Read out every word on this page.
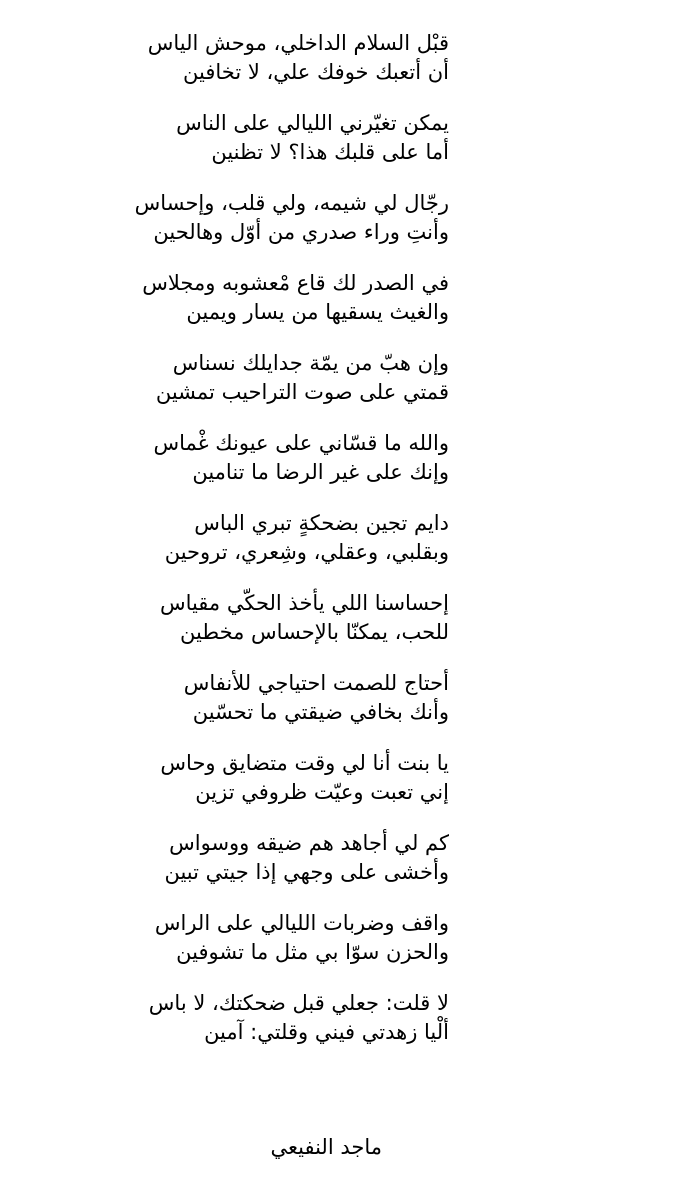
قبْل السلام الداخلي، موحش الياس
أن أتعبك خوفك علي، لا تخافين
يمكن تغيّرني الليالي على الناس
أما على قلبك هذا؟ لا تظنين
رجّال لي شيمه، ولي قلب، وإحساس
وأنتِ وراء صدري من أوّل وهالحين
في الصدر لك قاع مْعشوبه ومجلاس
والغيث يسقيها من يسار ويمين
وإن هبّ من يمّة جدايلك نسناس
قمتي على صوت التراحيب تمشين
والله ما قسّاني على عيونك غْماس
وإنك على غير الرضا ما تنامين
دايم تجين بضحكةٍ تبري الباس
وبقلبي، وعقلي، وشِعري، تروحين
إحساسنا اللي يأخذ الحكّي مقياس
للحب، يمكنّا بالإحساس مخطين
أحتاج للصمت احتياجي للأنفاس
وأنك بخافي ضيقتي ما تحسّين
يا بنت أنا لي وقت متضايق وحاس
إني تعبت وعيّت ظروفي تزين
كم لي أجاهد هم ضيقه ووسواس
وأخشى على وجهي إذا جيتي تبين
واقف وضربات الليالي على الراس
والحزن سوّا بي مثل ما تشوفين
لا قلت: جعلي قبل ضحكتك، لا باس
ألْيا زهدتي فيني وقلتي: آمين
ماجد النفيعي
